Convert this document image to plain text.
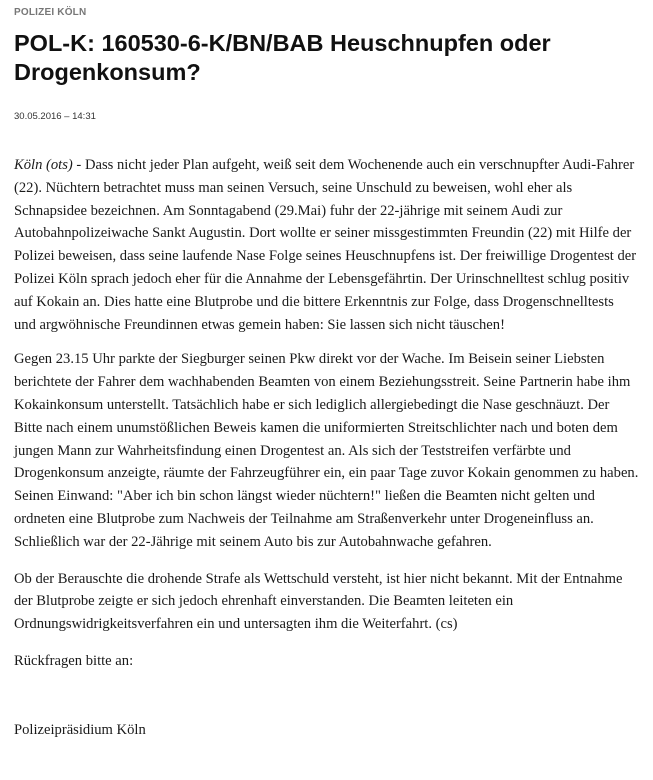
POLIZEI KÖLN

POL-K: 160530-6-K/BN/BAB Heuschnupfen oder Drogenkonsum?

30.05.2016 – 14:31

Köln (ots) - Dass nicht jeder Plan aufgeht, weiß seit dem Wochenende auch ein verschnupfter Audi-Fahrer (22). Nüchtern betrachtet muss man seinen Versuch, seine Unschuld zu beweisen, wohl eher als Schnapsidee bezeichnen. Am Sonntagabend (29.Mai) fuhr der 22-jährige mit seinem Audi zur Autobahnpolizeiwache Sankt Augustin. Dort wollte er seiner missgestimmten Freundin (22) mit Hilfe der Polizei beweisen, dass seine laufende Nase Folge seines Heuschnupfens ist. Der freiwillige Drogentest der Polizei Köln sprach jedoch eher für die Annahme der Lebensgefährtin. Der Urinschnelltest schlug positiv auf Kokain an. Dies hatte eine Blutprobe und die bittere Erkenntnis zur Folge, dass Drogenschnelltests und argwöhnische Freundinnen etwas gemein haben: Sie lassen sich nicht täuschen!

Gegen 23.15 Uhr parkte der Siegburger seinen Pkw direkt vor der Wache. Im Beisein seiner Liebsten berichtete der Fahrer dem wachhabenden Beamten von einem Beziehungsstreit. Seine Partnerin habe ihm Kokainkonsum unterstellt. Tatsächlich habe er sich lediglich allergiebedingt die Nase geschnäuzt. Der Bitte nach einem unumstößlichen Beweis kamen die uniformierten Streitschlichter nach und boten dem jungen Mann zur Wahrheitsfindung einen Drogentest an. Als sich der Teststreifen verfärbte und Drogenkonsum anzeigte, räumte der Fahrzeugführer ein, ein paar Tage zuvor Kokain genommen zu haben. Seinen Einwand: "Aber ich bin schon längst wieder nüchtern!" ließen die Beamten nicht gelten und ordneten eine Blutprobe zum Nachweis der Teilnahme am Straßenverkehr unter Drogeneinfluss an. Schließlich war der 22-Jährige mit seinem Auto bis zur Autobahnwache gefahren.

Ob der Berauschte die drohende Strafe als Wettschuld versteht, ist hier nicht bekannt. Mit der Entnahme der Blutprobe zeigte er sich jedoch ehrenhaft einverstanden. Die Beamten leiteten ein Ordnungswidrigkeitsverfahren ein und untersagten ihm die Weiterfahrt. (cs)

Rückfragen bitte an:

Polizeipräsidium Köln
